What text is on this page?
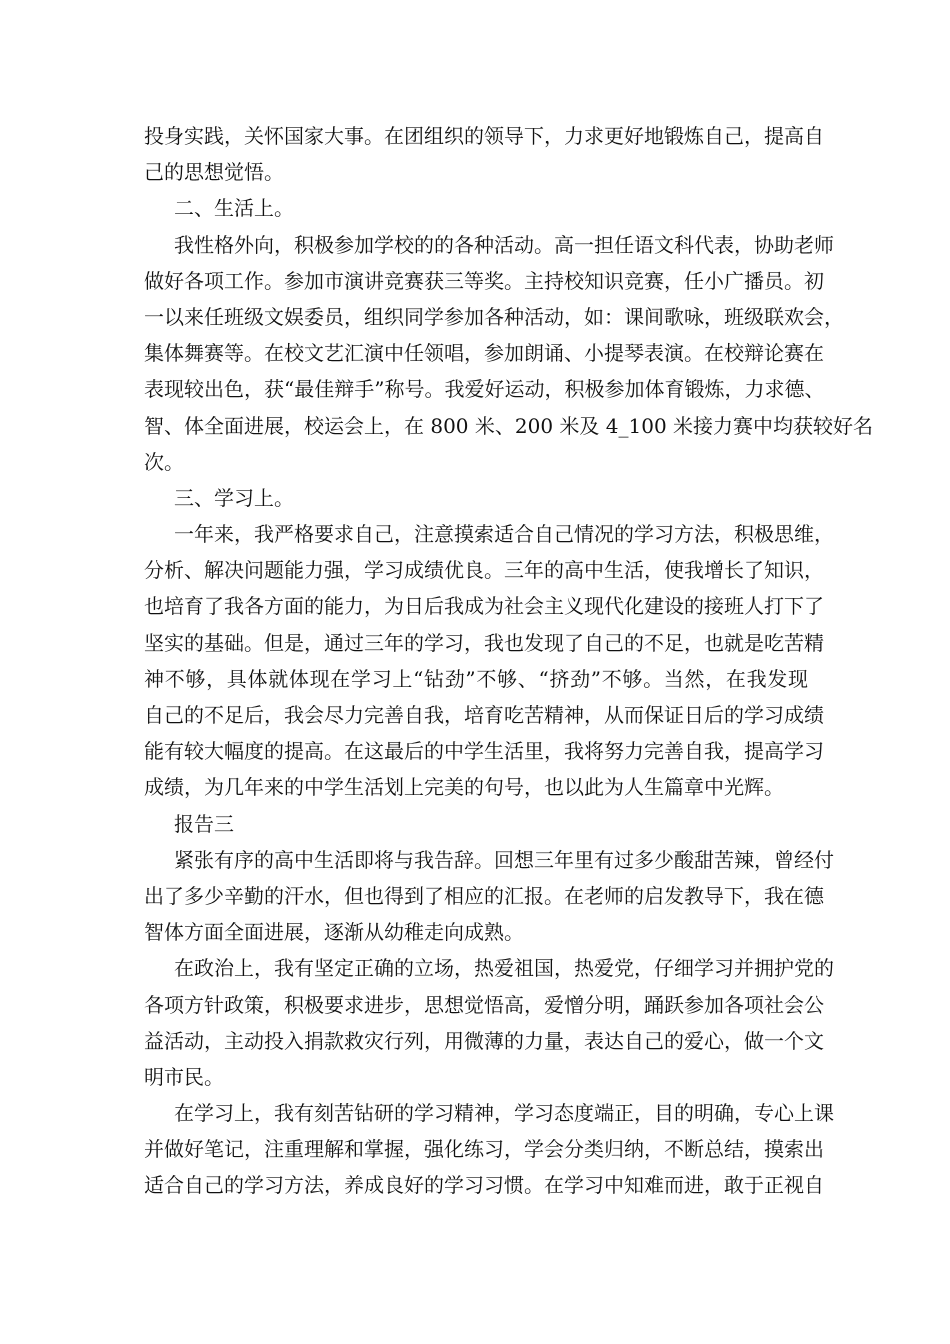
投身实践，关怀国家大事。在团组织的领导下，力求更好地锻炼自己，提高自
己的思想觉悟。
二、生活上。
我性格外向，积极参加学校的的各种活动。高一担任语文科代表，协助老师
做好各项工作。参加市演讲竞赛获三等奖。主持校知识竞赛，任小广播员。初
一以来任班级文娱委员，组织同学参加各种活动，如：课间歌咏，班级联欢会，
集体舞赛等。在校文艺汇演中任领唱，参加朗诵、小提琴表演。在校辩论赛在
表现较出色，获“最佳辩手”称号。我爱好运动，积极参加体育锻炼，力求德、
智、体全面进展，校运会上，在 800 米、200 米及 4_100 米接力赛中均获较好名
次。
三、学习上。
一年来，我严格要求自己，注意摸索适合自己情况的学习方法，积极思维，
分析、解决问题能力强，学习成绩优良。三年的高中生活，使我增长了知识，
也培育了我各方面的能力，为日后我成为社会主义现代化建设的接班人打下了
坚实的基础。但是，通过三年的学习，我也发现了自己的不足，也就是吃苦精
神不够，具体就体现在学习上“钻劲”不够、“挤劲”不够。当然，在我发现
自己的不足后，我会尽力完善自我，培育吃苦精神，从而保证日后的学习成绩
能有较大幅度的提高。在这最后的中学生活里，我将努力完善自我，提高学习
成绩，为几年来的中学生活划上完美的句号，也以此为人生篇章中光辉。
报告三
紧张有序的高中生活即将与我告辞。回想三年里有过多少酸甜苦辣，曾经付
出了多少辛勤的汗水，但也得到了相应的汇报。在老师的启发教导下，我在德
智体方面全面进展，逐渐从幼稚走向成熟。
在政治上，我有坚定正确的立场，热爱祖国，热爱党，仔细学习并拥护党的
各项方针政策，积极要求进步，思想觉悟高，爱憎分明，踊跃参加各项社会公
益活动，主动投入捐款救灾行列，用微薄的力量，表达自己的爱心，做一个文
明市民。
在学习上，我有刻苦钻研的学习精神，学习态度端正，目的明确，专心上课
并做好笔记，注重理解和掌握，强化练习，学会分类归纳，不断总结，摸索出
适合自己的学习方法，养成良好的学习习惯。在学习中知难而进，敢于正视自
